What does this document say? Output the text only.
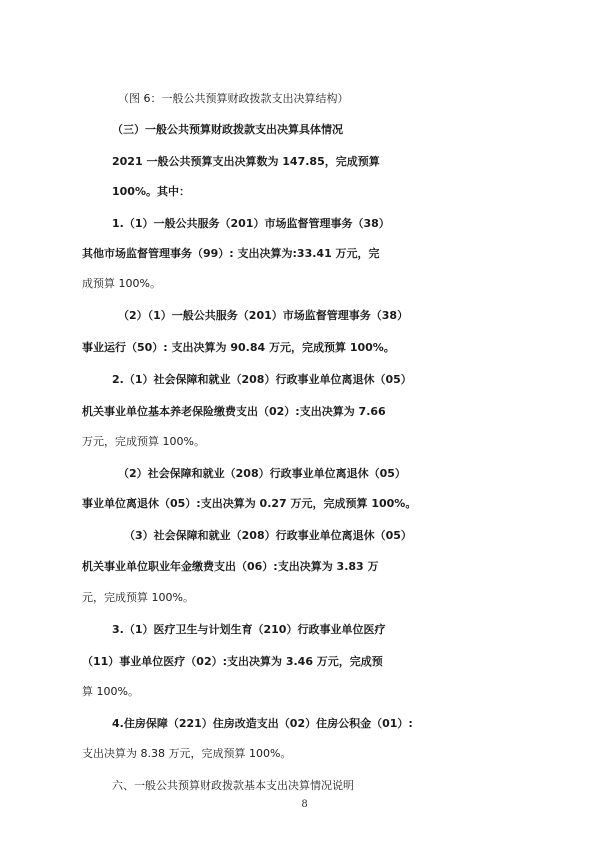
（图 6：一般公共预算财政拨款支出决算结构）
（三）一般公共预算财政拨款支出决算具体情况
2021 一般公共预算支出决算数为 147.85，完成预算
100%。其中：
1.（1）一般公共服务（201）市场监督管理事务（38）
其他市场监督管理事务（99）: 支出决算为:33.41 万元，完
成预算 100%。
（2）（1）一般公共服务（201）市场监督管理事务（38）
事业运行（50）: 支出决算为 90.84 万元，完成预算 100%。
2.（1）社会保障和就业（208）行政事业单位离退休（05）
机关事业单位基本养老保险缴费支出（02）:支出决算为 7.66
万元，完成预算 100%。
（2）社会保障和就业（208）行政事业单位离退休（05）
事业单位离退休（05）:支出决算为 0.27 万元，完成预算 100%。
（3）社会保障和就业（208）行政事业单位离退休（05）
机关事业单位职业年金缴费支出（06）:支出决算为 3.83 万
元，完成预算 100%。
3.（1）医疗卫生与计划生育（210）行政事业单位医疗
（11）事业单位医疗（02）:支出决算为 3.46 万元，完成预
算 100%。
4.住房保障（221）住房改造支出（02）住房公积金（01）:
支出决算为 8.38 万元，完成预算 100%。
六、一般公共预算财政拨款基本支出决算情况说明
8
